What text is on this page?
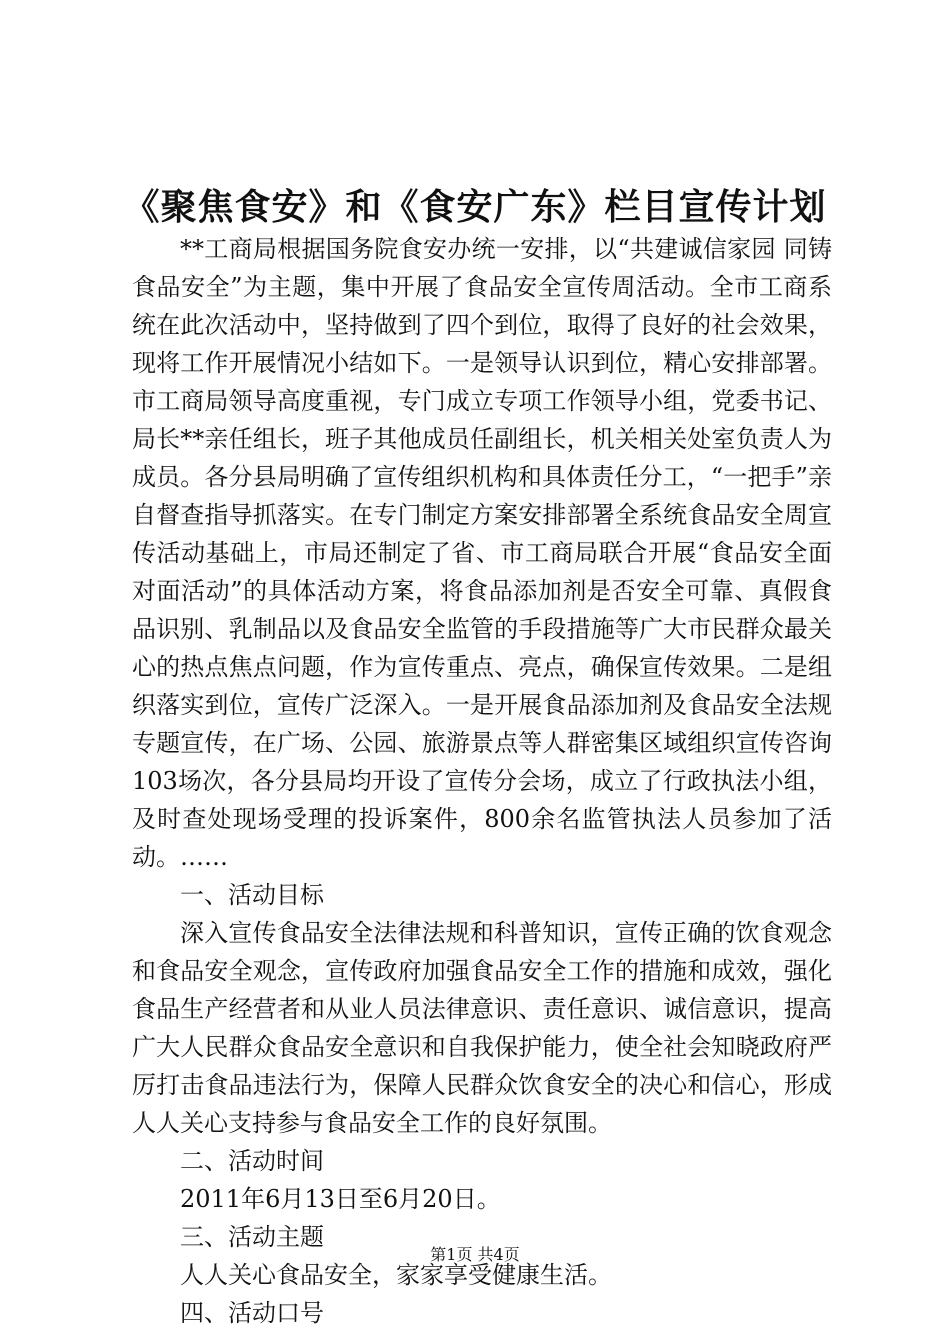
《聚焦食安》和《食安广东》栏目宣传计划

**工商局根据国务院食安办统一安排，以“共建诚信家园 同铸食品安全”为主题，集中开展了食品安全宣传周活动。全市工商系统在此次活动中，坚持做到了四个到位，取得了良好的社会效果，现将工作开展情况小结如下。一是领导认识到位，精心安排部署。市工商局领导高度重视，专门成立专项工作领导小组，党委书记、局长**亲任组长，班子其他成员任副组长，机关相关处室负责人为成员。各分县局明确了宣传组织机构和具体责任分工，“一把手”亲自督查指导抓落实。在专门制定方案安排部署全系统食品安全周宣传活动基础上，市局还制定了省、市工商局联合开展“食品安全面对面活动”的具体活动方案，将食品添加剂是否安全可靠、真假食品识别、乳制品以及食品安全监管的手段措施等广大市民群众最关心的热点焦点问题，作为宣传重点、亮点，确保宣传效果。二是组织落实到位，宣传广泛深入。一是开展食品添加剂及食品安全法规专题宣传，在广场、公园、旅游景点等人群密集区域组织宣传咨询103场次，各分县局均开设了宣传分会场，成立了行政执法小组，及时查处现场受理的投诉案件，800余名监管执法人员参加了活动。……

一、活动目标

深入宣传食品安全法律法规和科普知识，宣传正确的饮食观念和食品安全观念，宣传政府加强食品安全工作的措施和成效，强化食品生产经营者和从业人员法律意识、责任意识、诚信意识，提高广大人民群众食品安全意识和自我保护能力，使全社会知晓政府严厉打击食品违法行为，保障人民群众饮食安全的决心和信心，形成人人关心支持参与食品安全工作的良好氛围。

二、活动时间

2011年6月13日至6月20日。

三、活动主题

人人关心食品安全，家家享受健康生活。

四、活动口号

第1页 共4页
